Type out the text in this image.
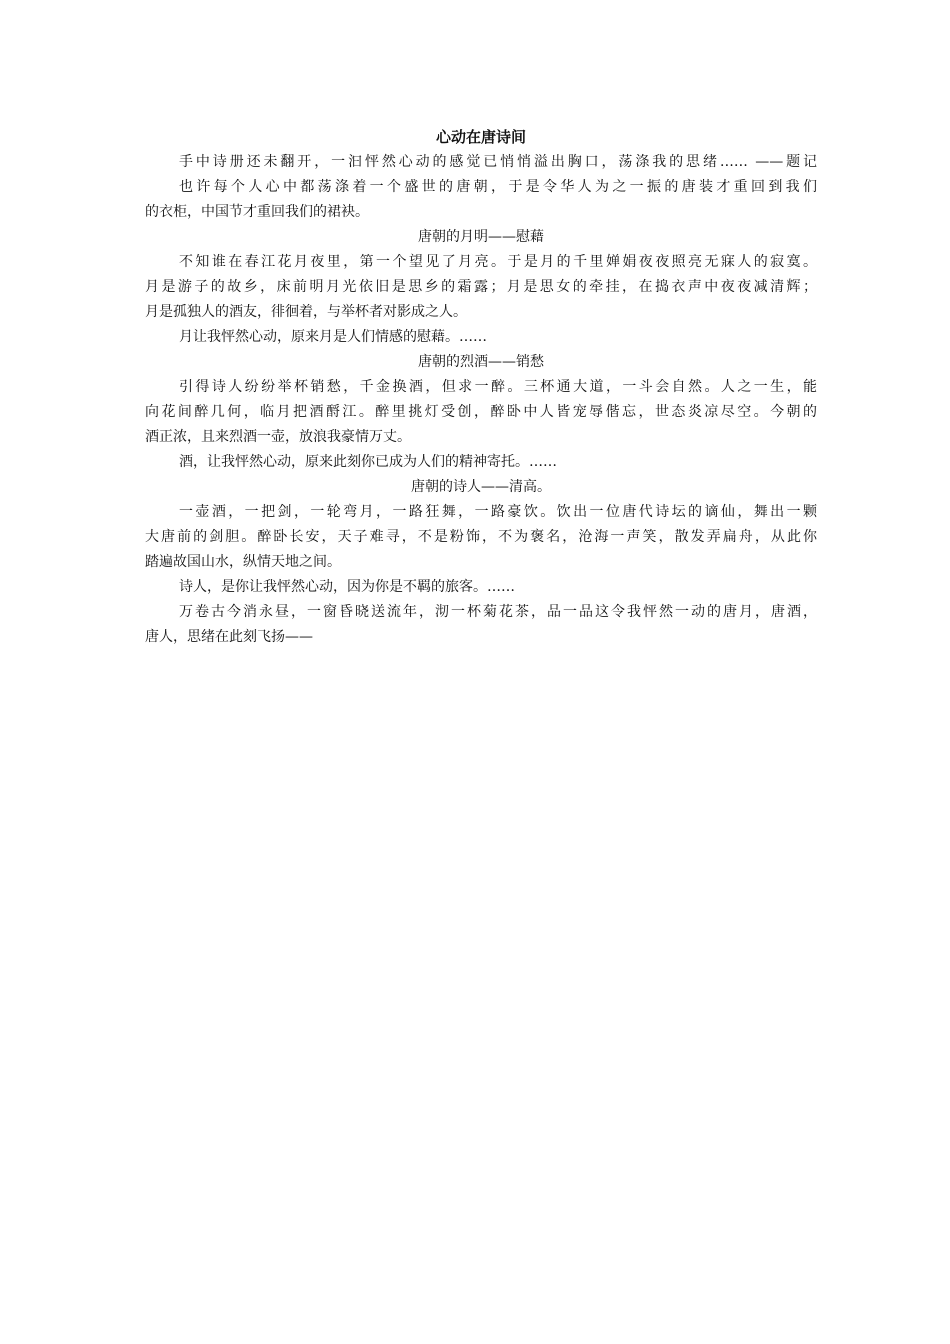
心动在唐诗间
手中诗册还未翻开，一汩怦然心动的感觉已悄悄溢出胸口，荡涤我的思绪…… ——题记
也许每个人心中都荡涤着一个盛世的唐朝，于是令华人为之一振的唐装才重回到我们
的衣柜，中国节才重回我们的裙袂。
唐朝的月明——慰藉
不知谁在春江花月夜里，第一个望见了月亮。于是月的千里婵娟夜夜照亮无寐人的寂寞。
月是游子的故乡，床前明月光依旧是思乡的霜露；月是思女的牵挂，在捣衣声中夜夜减清辉；
月是孤独人的酒友，徘徊着，与举杯者对影成之人。
月让我怦然心动，原来月是人们情感的慰藉。……
唐朝的烈酒——销愁
引得诗人纷纷举杯销愁，千金换酒，但求一醉。三杯通大道，一斗会自然。人之一生，能
向花间醉几何，临月把酒酹江。醉里挑灯受创，醉卧中人皆宠辱偕忘，世态炎凉尽空。今朝的
酒正浓，且来烈酒一壶，放浪我豪情万丈。
酒，让我怦然心动，原来此刻你已成为人们的精神寄托。……
唐朝的诗人——清高。
一壶酒，一把剑，一轮弯月，一路狂舞，一路豪饮。饮出一位唐代诗坛的谪仙，舞出一颗
大唐前的剑胆。醉卧长安，天子难寻，不是粉饰，不为褒名，沧海一声笑，散发弄扁舟，从此你
踏遍故国山水，纵情天地之间。
诗人，是你让我怦然心动，因为你是不羁的旅客。……
万卷古今消永昼，一窗昏晓送流年，沏一杯菊花茶，品一品这令我怦然一动的唐月，唐酒，
唐人，思绪在此刻飞扬——
